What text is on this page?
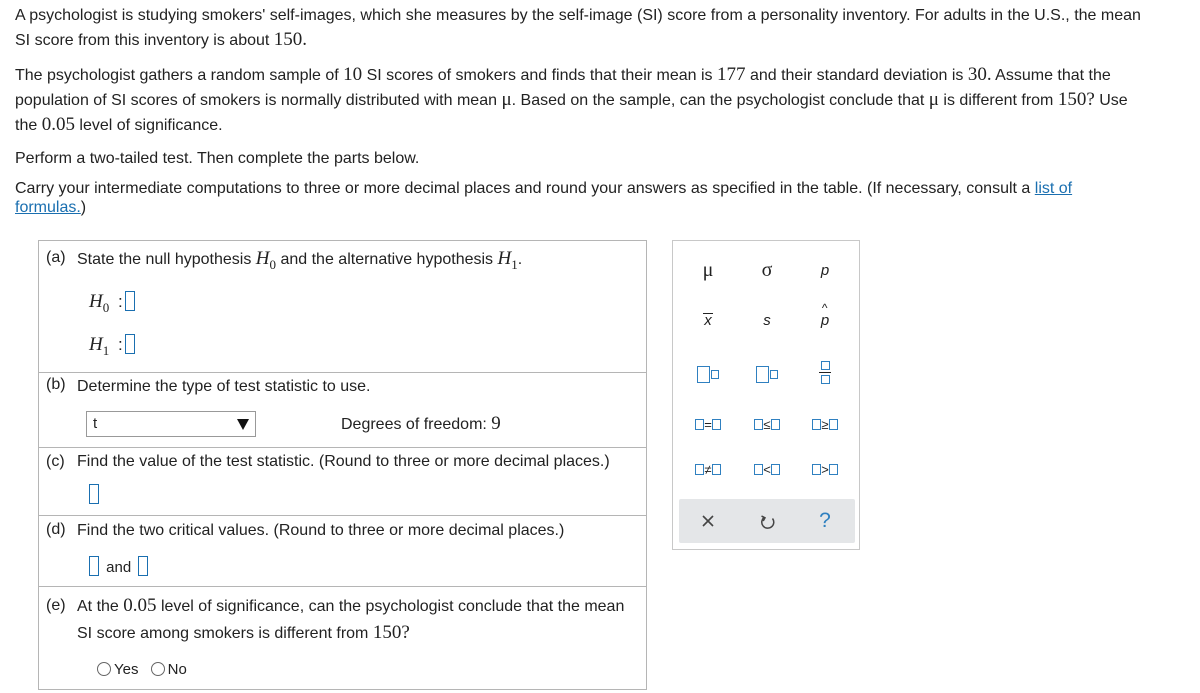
A psychologist is studying smokers' self-images, which she measures by the self-image (SI) score from a personality inventory. For adults in the U.S., the mean
SI score from this inventory is about 150.
The psychologist gathers a random sample of 10 SI scores of smokers and finds that their mean is 177 and their standard deviation is 30. Assume that the
population of SI scores of smokers is normally distributed with mean μ. Based on the sample, can the psychologist conclude that μ is different from 150? Use
the 0.05 level of significance.
Perform a two-tailed test. Then complete the parts below.
Carry your intermediate computations to three or more decimal places and round your answers as specified in the table. (If necessary, consult a list of
formulas.)
(a) State the null hypothesis $H_0$ and the alternative hypothesis $H_1$.
$H_0$ :
$H_1$ :
(b) Determine the type of test statistic to use.
t	Degrees of freedom: 9
(c) Find the value of the test statistic. (Round to three or more decimal places.)
(d) Find the two critical values. (Round to three or more decimal places.)
and
(e) At the 0.05 level of significance, can the psychologist conclude that the mean
SI score among smokers is different from 150?
Yes No
μ σ	p
x	s
^
p
=	≤	≥
≠	<	>
?
